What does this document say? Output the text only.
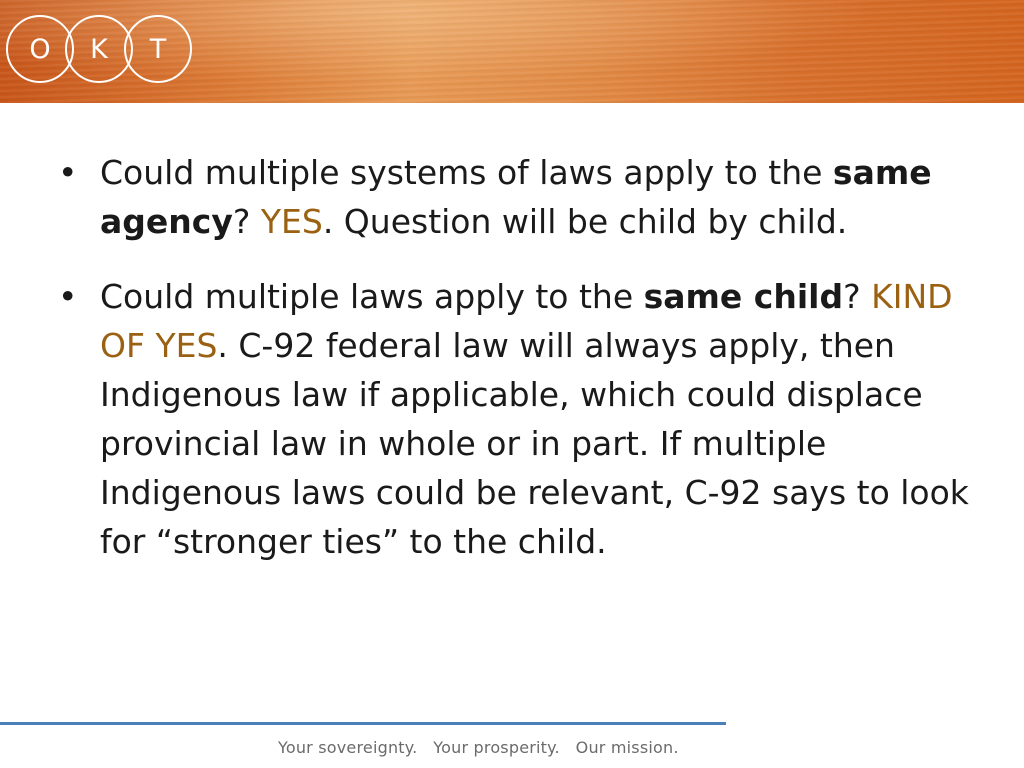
O	K	T
• Could multiple systems of laws apply to the same agency? YES. Question will be child by child.
• Could multiple laws apply to the same child? KIND OF YES. C-92 federal law will always apply, then Indigenous law if applicable, which could displace provincial law in whole or in part. If multiple Indigenous laws could be relevant, C-92 says to look for “stronger ties” to the child.
Your sovereignty.   Your prosperity.   Our mission.
